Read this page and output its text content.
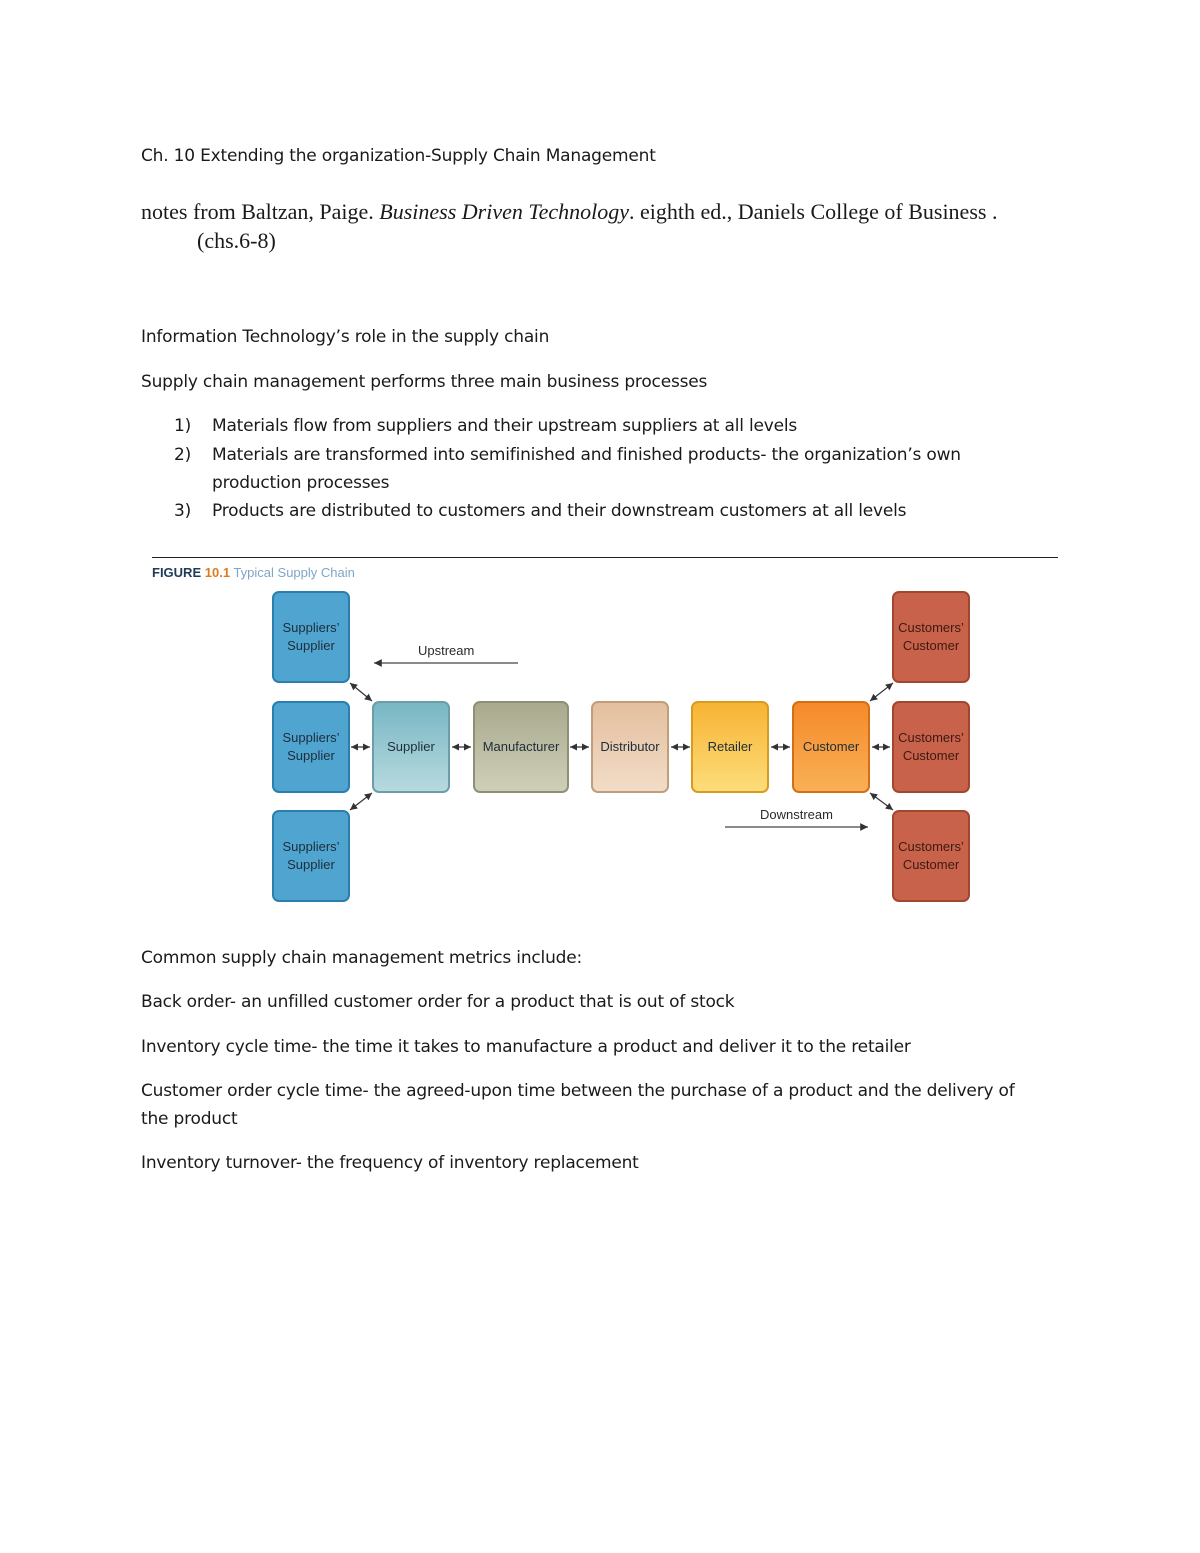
Ch. 10 Extending the organization-Supply Chain Management

notes from Baltzan, Paige. Business Driven Technology. eighth ed., Daniels College of Business .

(chs.6-8)

Information Technology’s role in the supply chain

Supply chain management performs three main business processes

1) Materials flow from suppliers and their upstream suppliers at all levels
2) Materials are transformed into semifinished and finished products- the organization’s own
production processes
3) Products are distributed to customers and their downstream customers at all levels
FIGURE 10.1 Typical Supply Chain
Upstream
Downstream
Suppliers’
Supplier
Suppliers’
Supplier
Suppliers’
Supplier
Supplier	Manufacturer	Distributor	Retailer	Customer
Customers’
Customer
Customers’
Customer
Customers’
Customer

Common supply chain management metrics include:

Back order- an unfilled customer order for a product that is out of stock

Inventory cycle time- the time it takes to manufacture a product and deliver it to the retailer

Customer order cycle time- the agreed-upon time between the purchase of a product and the delivery of

the product

Inventory turnover- the frequency of inventory replacement
